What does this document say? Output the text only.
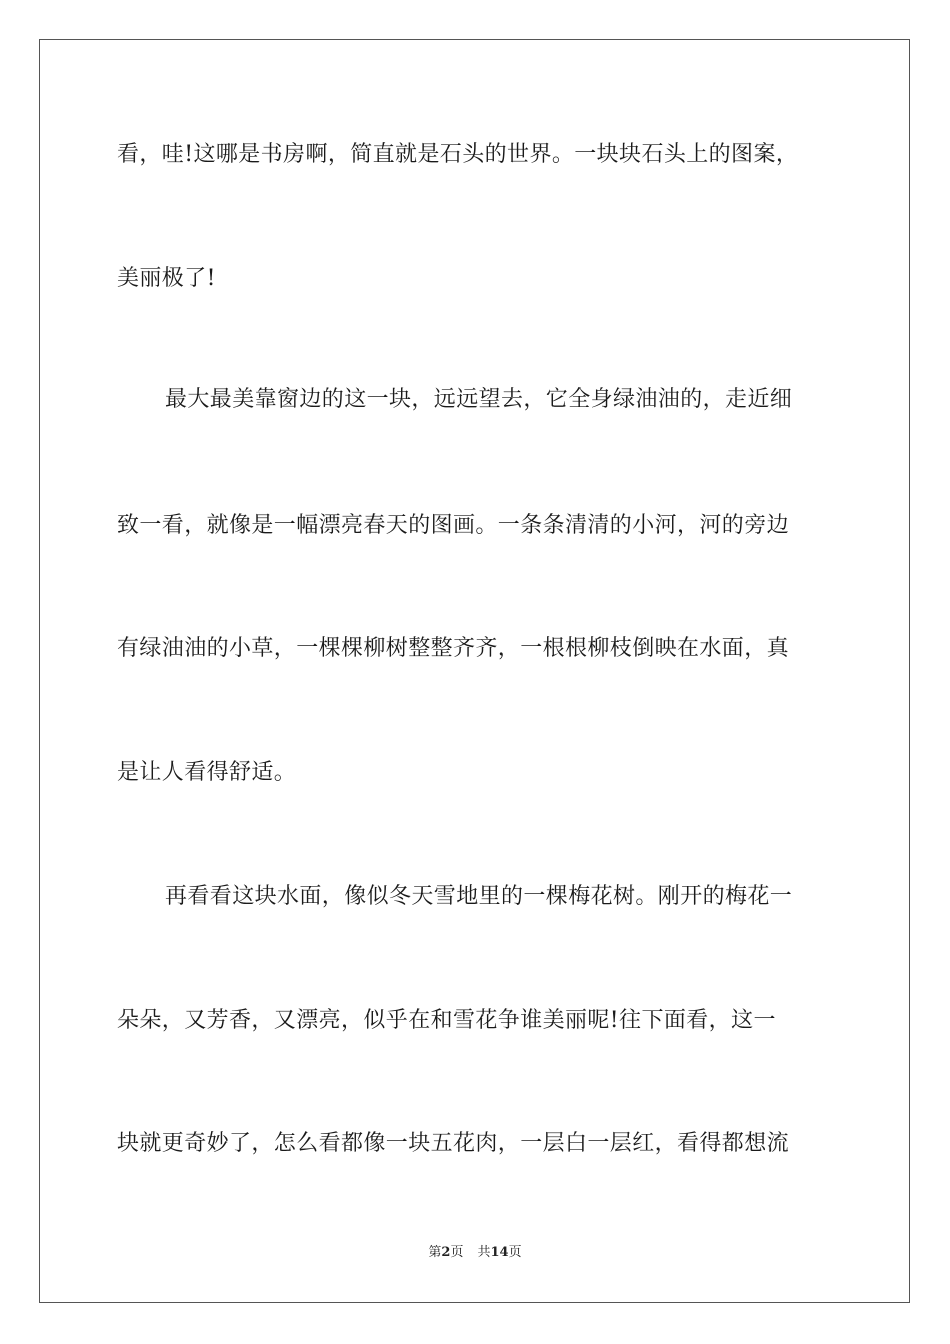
看，哇!这哪是书房啊，简直就是石头的世界。一块块石头上的图案，
美丽极了!
最大最美靠窗边的这一块，远远望去，它全身绿油油的，走近细
致一看，就像是一幅漂亮春天的图画。一条条清清的小河，河的旁边
有绿油油的小草，一棵棵柳树整整齐齐，一根根柳枝倒映在水面，真
是让人看得舒适。
再看看这块水面，像似冬天雪地里的一棵梅花树。刚开的梅花一
朵朵，又芳香，又漂亮，似乎在和雪花争谁美丽呢!往下面看，这一
块就更奇妙了，怎么看都像一块五花肉，一层白一层红，看得都想流
第2页 共14页
